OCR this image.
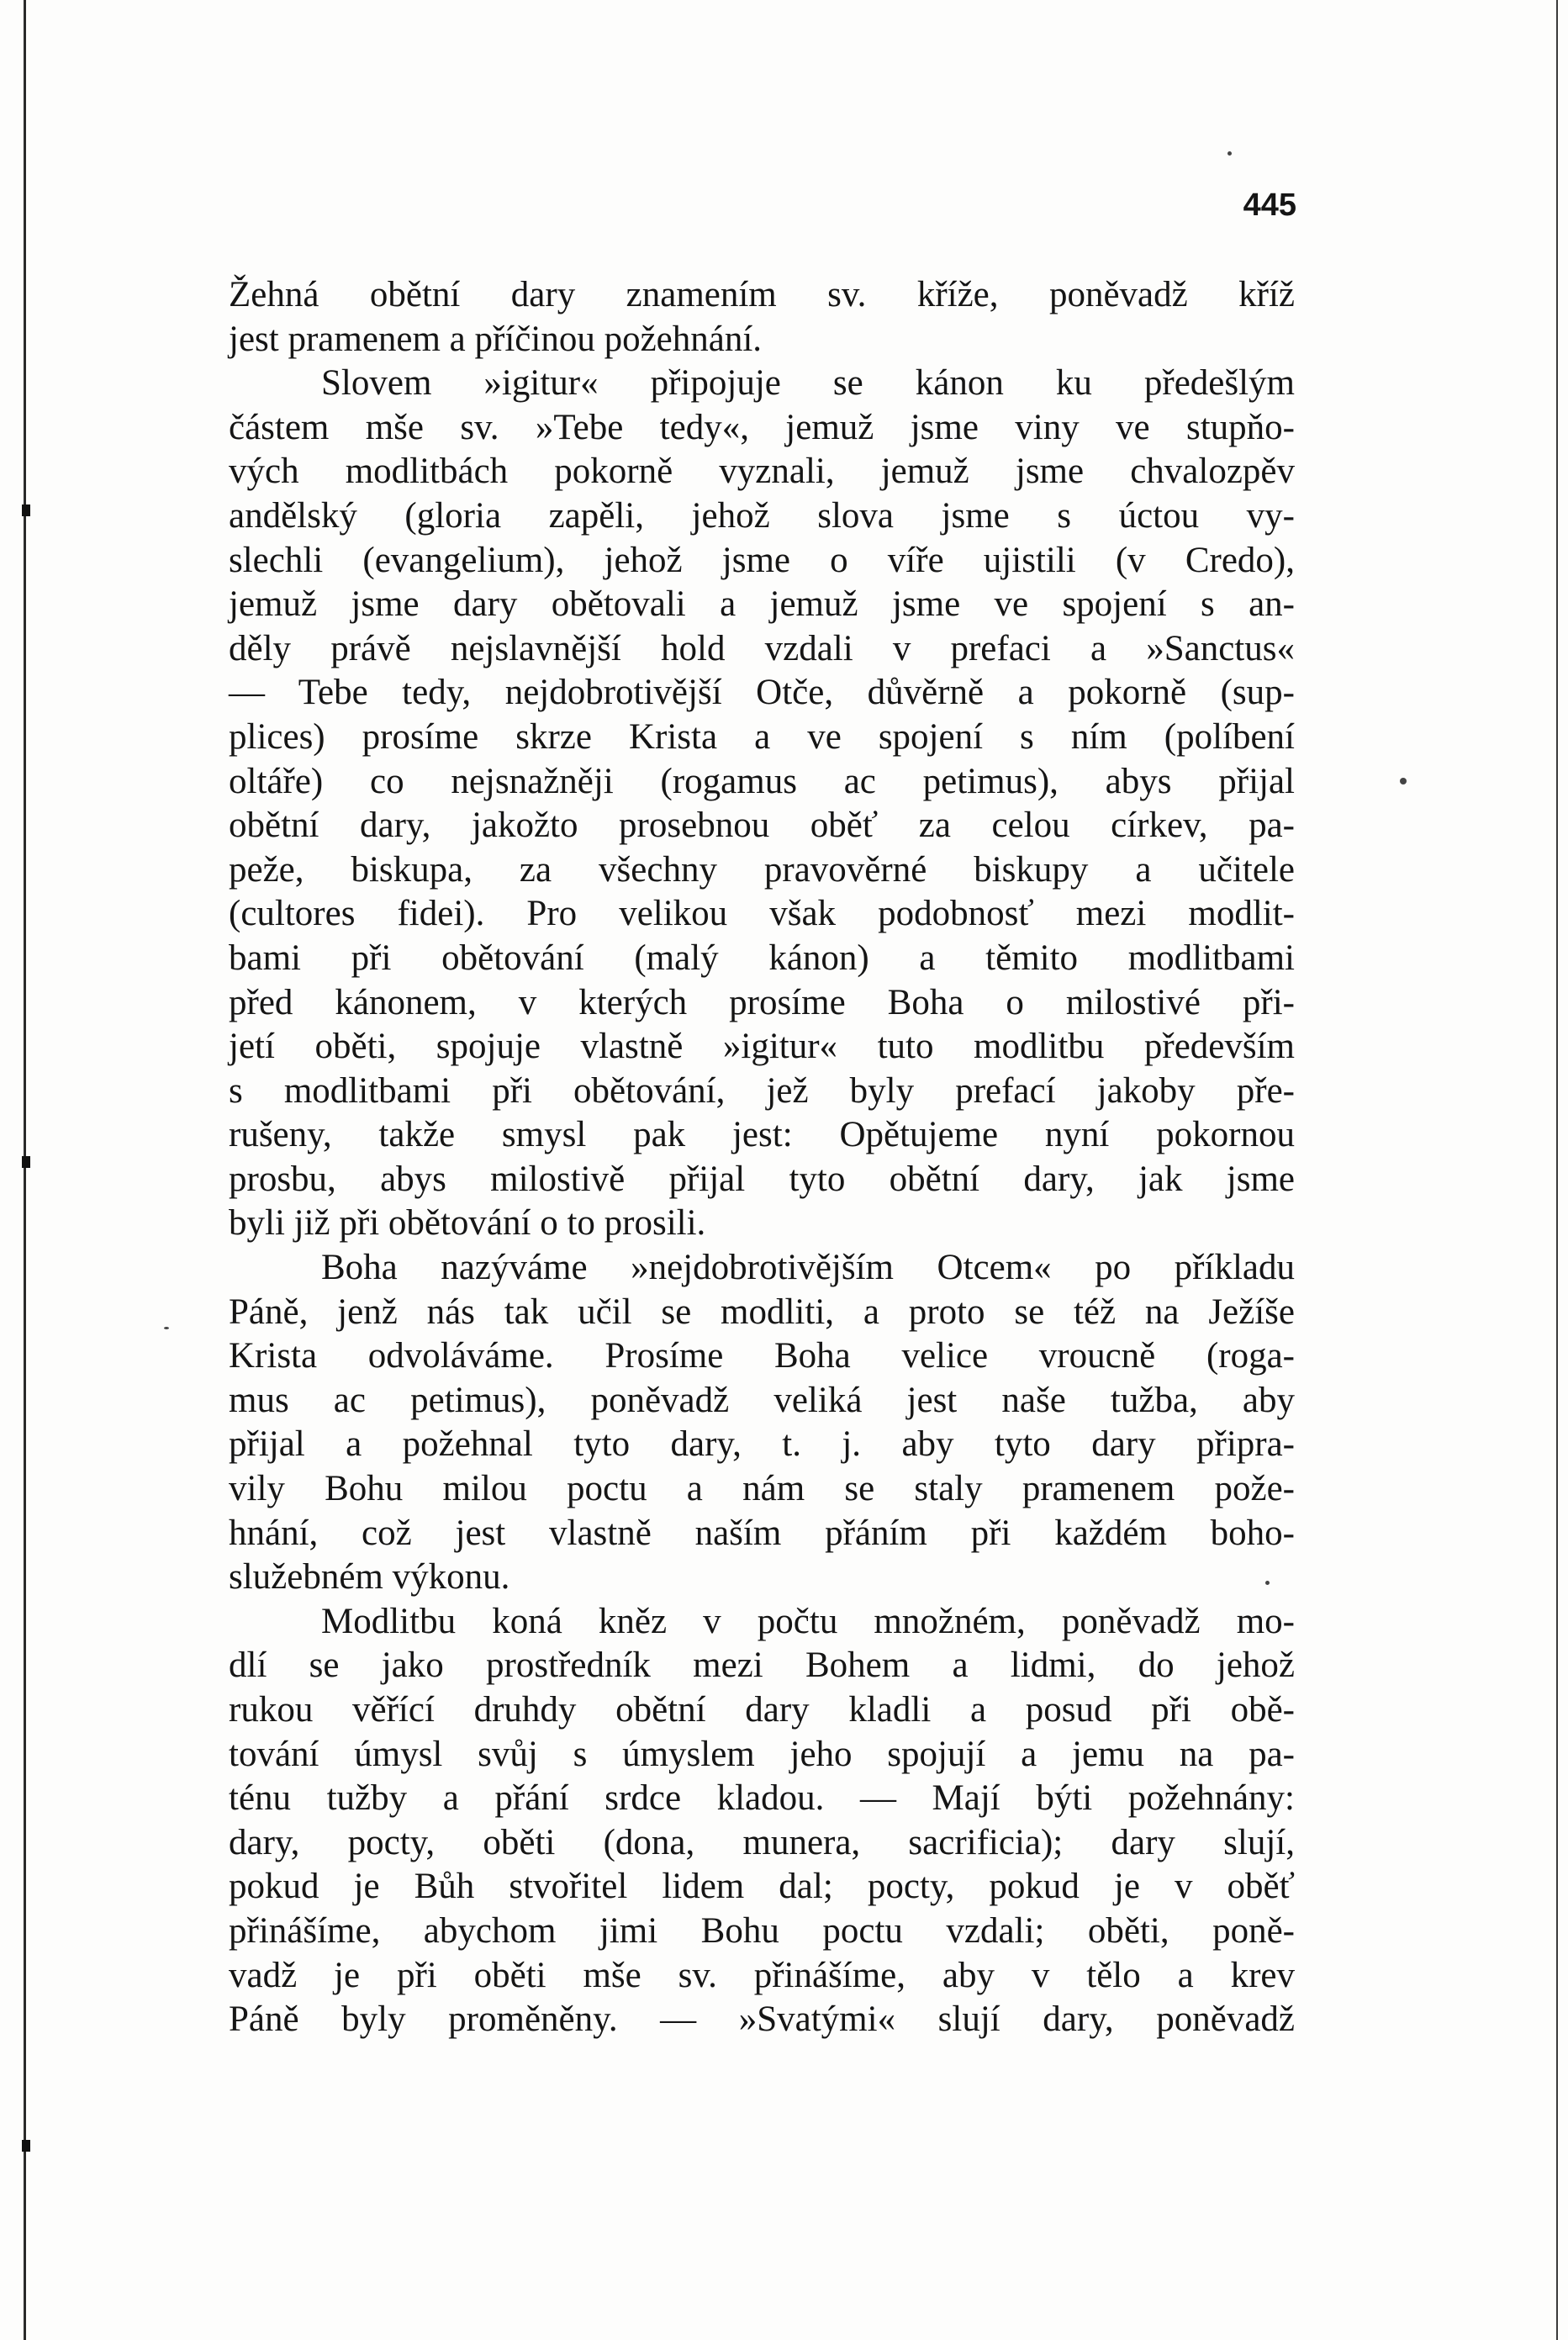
445
Žehná obětní dary znamením sv. kříže, poněvadž kříž
jest pramenem a příčinou požehnání.
Slovem »igitur« připojuje se kánon ku předešlým
částem mše sv. »Tebe tedy«, jemuž jsme viny ve stupňo-
vých modlitbách pokorně vyznali, jemuž jsme chvalozpěv
andělský (gloria zapěli, jehož slova jsme s úctou vy-
slechli (evangelium), jehož jsme o víře ujistili (v Credo),
jemuž jsme dary obětovali a jemuž jsme ve spojení s an-
děly právě nejslavnější hold vzdali v prefaci a »Sanctus«
— Tebe tedy, nejdobrotivější Otče, důvěrně a pokorně (sup-
plices) prosíme skrze Krista a ve spojení s ním (políbení
oltáře) co nejsnažněji (rogamus ac petimus), abys přijal
obětní dary, jakožto prosebnou oběť za celou církev, pa-
peže, biskupa, za všechny pravověrné biskupy a učitele
(cultores fidei). Pro velikou však podobnosť mezi modlit-
bami při obětování (malý kánon) a těmito modlitbami
před kánonem, v kterých prosíme Boha o milostivé při-
jetí oběti, spojuje vlastně »igitur« tuto modlitbu především
s modlitbami při obětování, jež byly prefací jakoby pře-
rušeny, takže smysl pak jest: Opětujeme nyní pokornou
prosbu, abys milostivě přijal tyto obětní dary, jak jsme
byli již při obětování o to prosili.
Boha nazýváme »nejdobrotivějším Otcem« po příkladu
Páně, jenž nás tak učil se modliti, a proto se též na Ježíše
Krista odvoláváme. Prosíme Boha velice vroucně (roga-
mus ac petimus), poněvadž veliká jest naše tužba, aby
přijal a požehnal tyto dary, t. j. aby tyto dary připra-
vily Bohu milou poctu a nám se staly pramenem požе-
hnání, což jest vlastně naším přáním při každém boho-
služebném výkonu.
Modlitbu koná kněz v počtu množném, poněvadž mo-
dlí se jako prostředník mezi Bohem a lidmi, do jehož
rukou věřící druhdy obětní dary kladli a posud při obě-
tování úmysl svůj s úmyslem jeho spojují a jemu na pa-
ténu tužby a přání srdce kladou. — Mají býti požehnány:
dary, pocty, oběti (dona, munera, sacrificia); dary slují,
pokud je Bůh stvořitel lidem dal; pocty, pokud je v oběť
přinášíme, abychom jimi Bohu poctu vzdali; oběti, poně-
vadž je při oběti mše sv. přinášíme, aby v tělo a krev
Páně byly proměněny. — »Svatými« slují dary, poněvadž
